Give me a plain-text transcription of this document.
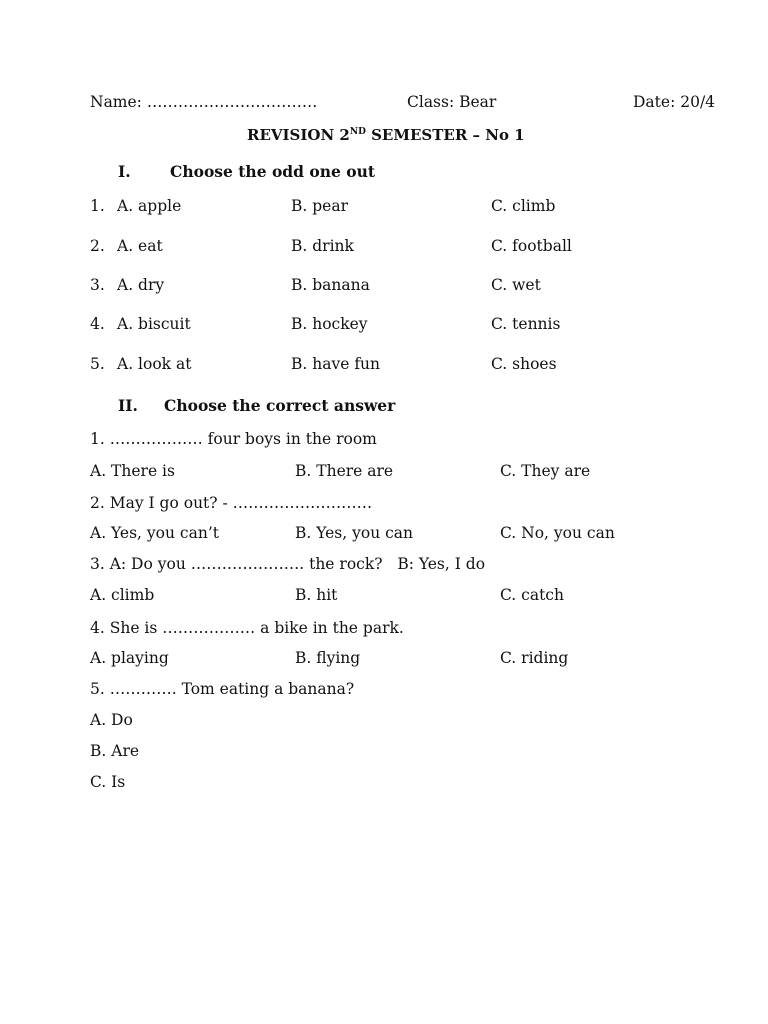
Name: ……………………………	Class: Bear	Date: 20/4
REVISION 2ND SEMESTER – No 1
I.	Choose the odd one out
1. A. apple	B. pear	C. climb
2. A. eat	B. drink	C. football
3. A. dry	B. banana	C. wet
4. A. biscuit	B. hockey	C. tennis
5. A. look at	B. have fun	C. shoes
II. Choose the correct answer
1. ……………… four boys in the room
A. There is	B. There are	C. They are
2. May I go out? - ………………………
A. Yes, you can’t	B. Yes, you can	C. No, you can
3. A: Do you …………………. the rock?   B: Yes, I do
A. climb	B. hit	C. catch
4. She is ……………… a bike in the park.
A. playing	B. flying	C. riding
5. …………. Tom eating a banana?
A. Do
B. Are
C. Is
